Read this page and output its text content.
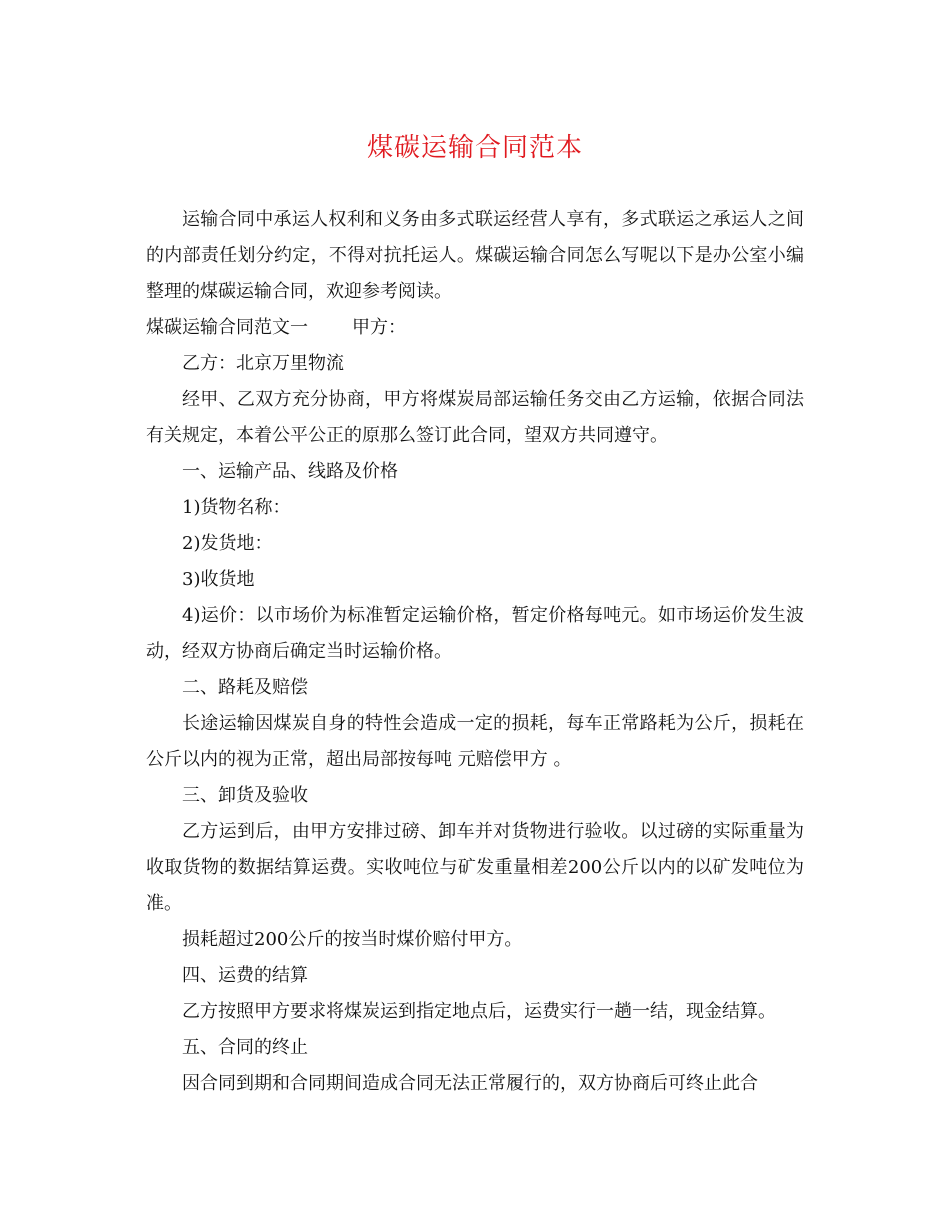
煤碳运输合同范本

运输合同中承运人权利和义务由多式联运经营人享有，多式联运之承运人之间的内部责任划分约定，不得对抗托运人。煤碳运输合同怎么写呢以下是办公室小编整理的煤碳运输合同，欢迎参考阅读。

煤碳运输合同范文一 甲方：

乙方：北京万里物流

经甲、乙双方充分协商，甲方将煤炭局部运输任务交由乙方运输，依据合同法有关规定，本着公平公正的原那么签订此合同，望双方共同遵守。

一、运输产品、线路及价格

1)货物名称：

2)发货地：

3)收货地

4)运价：以市场价为标准暂定运输价格，暂定价格每吨元。如市场运价发生波动，经双方协商后确定当时运输价格。

二、路耗及赔偿

长途运输因煤炭自身的特性会造成一定的损耗，每车正常路耗为公斤，损耗在 公斤以内的视为正常，超出局部按每吨 元赔偿甲方 。

三、卸货及验收

乙方运到后，由甲方安排过磅、卸车并对货物进行验收。以过磅的实际重量为收取货物的数据结算运费。实收吨位与矿发重量相差200公斤以内的以矿发吨位为准。

损耗超过200公斤的按当时煤价赔付甲方。

四、运费的结算

乙方按照甲方要求将煤炭运到指定地点后，运费实行一趟一结，现金结算。

五、合同的终止

因合同到期和合同期间造成合同无法正常履行的，双方协商后可终止此合
